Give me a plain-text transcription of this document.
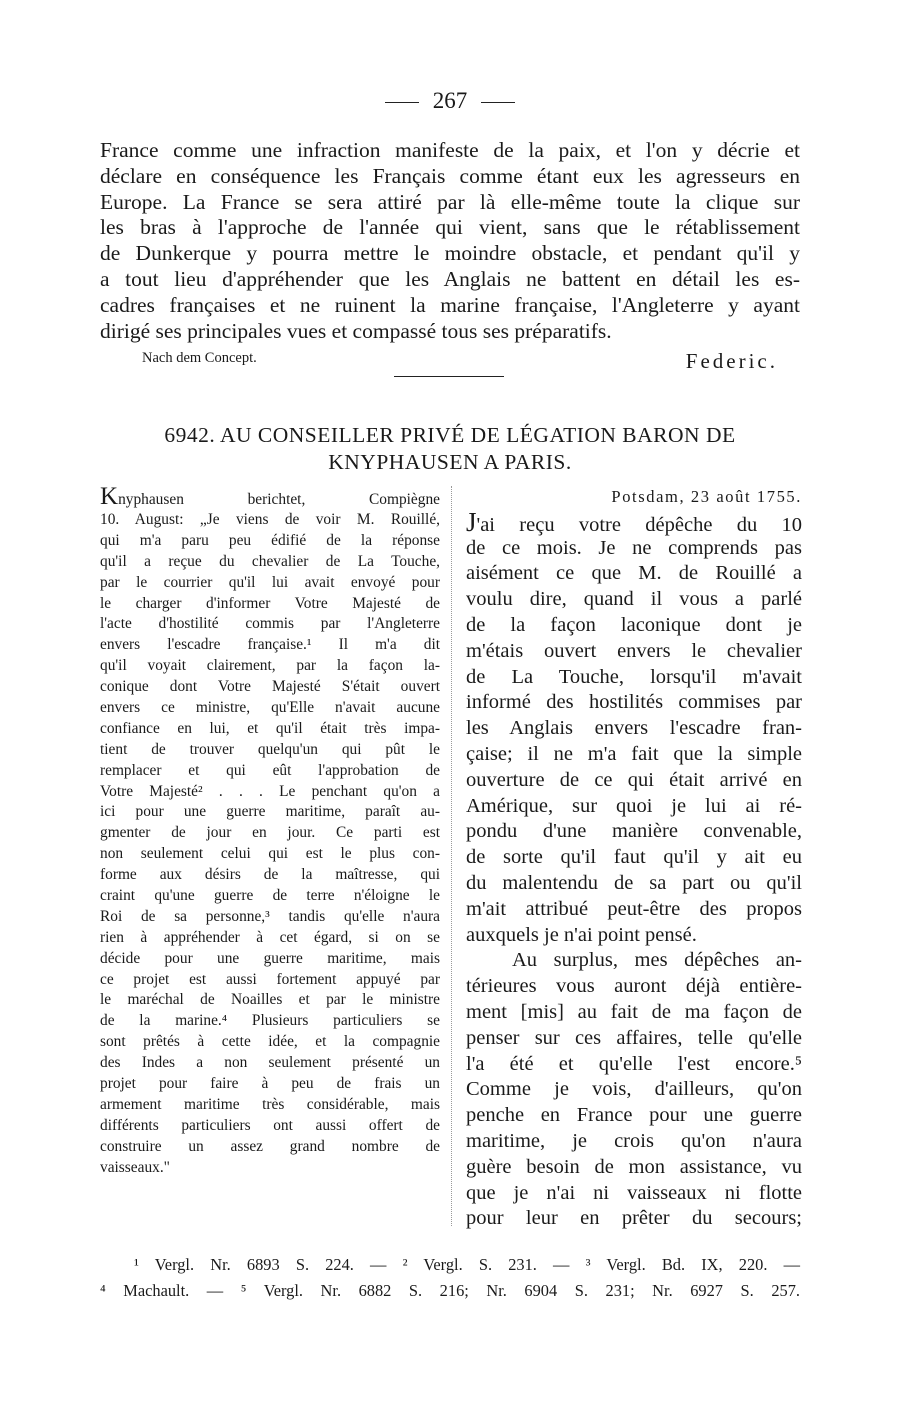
267
France comme une infraction manifeste de la paix, et l'on y décrie et
déclare en conséquence les Français comme étant eux les agresseurs en
Europe. La France se sera attiré par là elle-même toute la clique sur
les bras à l'approche de l'année qui vient, sans que le rétablissement
de Dunkerque y pourra mettre le moindre obstacle, et pendant qu'il y
a tout lieu d'appréhender que les Anglais ne battent en détail les es-
cadres françaises et ne ruinent la marine française, l'Angleterre y ayant
dirigé ses principales vues et compassé tous ses préparatifs.
Nach dem Concept.	Federic.
6942. AU CONSEILLER PRIVÉ DE LÉGATION BARON DE
KNYPHAUSEN A PARIS.
Knyphausen berichtet, Compiègne
10. August: „Je viens de voir M. Rouillé,
qui m'a paru peu édifié de la réponse
qu'il a reçue du chevalier de La Touche,
par le courrier qu'il lui avait envoyé pour
le charger d'informer Votre Majesté de
l'acte d'hostilité commis par l'Angleterre
envers l'escadre française.¹ Il m'a dit
qu'il voyait clairement, par la façon la-
conique dont Votre Majesté S'était ouvert
envers ce ministre, qu'Elle n'avait aucune
confiance en lui, et qu'il était très impa-
tient de trouver quelqu'un qui pût le
remplacer et qui eût l'approbation de
Votre Majesté² . . . Le penchant qu'on a
ici pour une guerre maritime, paraît au-
gmenter de jour en jour. Ce parti est
non seulement celui qui est le plus con-
forme aux désirs de la maîtresse, qui
craint qu'une guerre de terre n'éloigne le
Roi de sa personne,³ tandis qu'elle n'aura
rien à appréhender à cet égard, si on se
décide pour une guerre maritime, mais
ce projet est aussi fortement appuyé par
le maréchal de Noailles et par le ministre
de la marine.⁴ Plusieurs particuliers se
sont prêtés à cette idée, et la compagnie
des Indes a non seulement présenté un
projet pour faire à peu de frais un
armement maritime très considérable, mais
différents particuliers ont aussi offert de
construire un assez grand nombre de
vaisseaux."
Potsdam, 23 août 1755.
J'ai reçu votre dépêche du 10
de ce mois. Je ne comprends pas
aisément ce que M. de Rouillé a
voulu dire, quand il vous a parlé
de la façon laconique dont je
m'étais ouvert envers le chevalier
de La Touche, lorsqu'il m'avait
informé des hostilités commises par
les Anglais envers l'escadre fran-
çaise; il ne m'a fait que la simple
ouverture de ce qui était arrivé en
Amérique, sur quoi je lui ai ré-
pondu d'une manière convenable,
de sorte qu'il faut qu'il y ait eu
du malentendu de sa part ou qu'il
m'ait attribué peut-être des propos
auxquels je n'ai point pensé.
Au surplus, mes dépêches an-
térieures vous auront déjà entière-
ment [mis] au fait de ma façon de
penser sur ces affaires, telle qu'elle
l'a été et qu'elle l'est encore.⁵
Comme je vois, d'ailleurs, qu'on
penche en France pour une guerre
maritime, je crois qu'on n'aura
guère besoin de mon assistance, vu
que je n'ai ni vaisseaux ni flotte
pour leur en prêter du secours;
¹ Vergl. Nr. 6893 S. 224. — ² Vergl. S. 231. — ³ Vergl. Bd. IX, 220. —
⁴ Machault. — ⁵ Vergl. Nr. 6882 S. 216; Nr. 6904 S. 231; Nr. 6927 S. 257.
